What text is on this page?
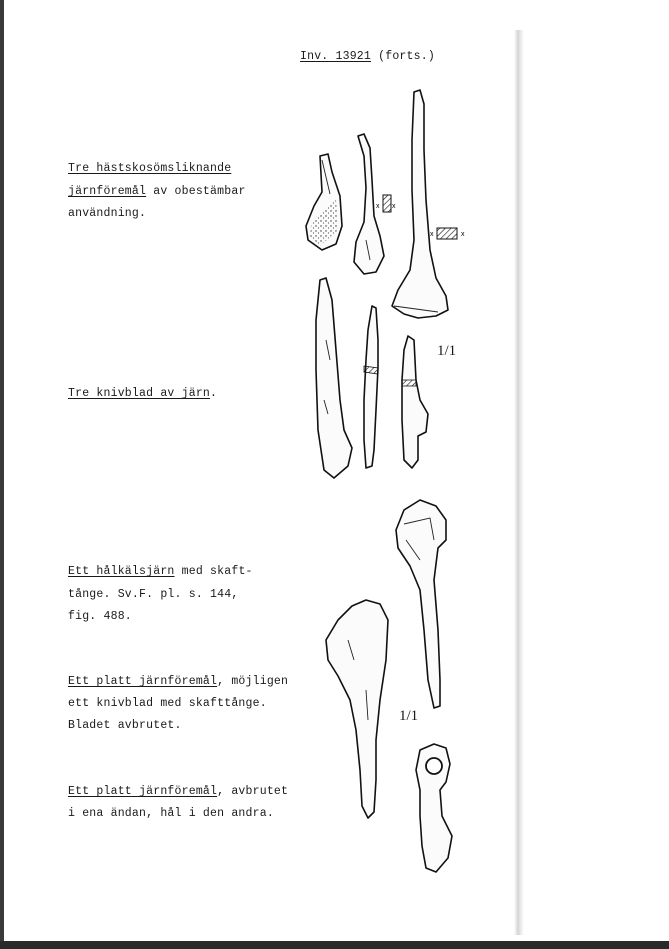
Inv. 13921 (forts.)
Tre hästskosömsliknande
järnföremål av obestämbar
användning.
Tre knivblad av järn.
Ett hålkälsjärn med skaft-
tånge. Sv.F. pl. s. 144,
fig. 488.
Ett platt järnföremål, möjligen
ett knivblad med skafttånge.
Bladet avbrutet.
Ett platt järnföremål, avbrutet
i ena ändan, hål i den andra.
1/1
1/1
x x
x	x
